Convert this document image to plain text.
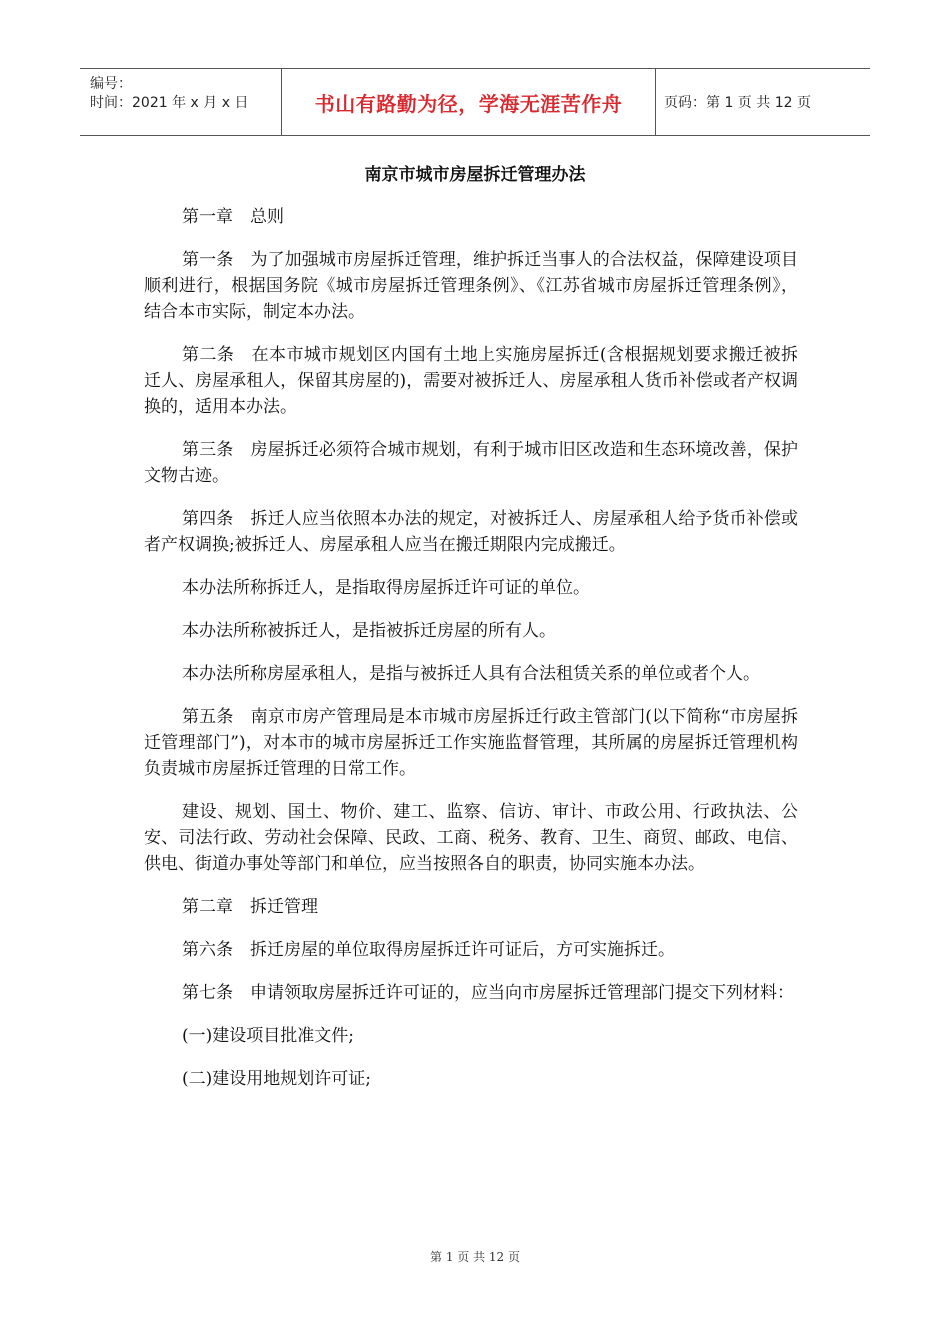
编号：
时间：2021 年 x 月 x 日	书山有路勤为径，学海无涯苦作舟	页码：第 1 页 共 12 页
南京市城市房屋拆迁管理办法

第一章　总则

第一条　为了加强城市房屋拆迁管理，维护拆迁当事人的合法权益，保障建设项目顺利进行，根据国务院《城市房屋拆迁管理条例》、《江苏省城市房屋拆迁管理条例》，结合本市实际，制定本办法。

第二条　在本市城市规划区内国有土地上实施房屋拆迁(含根据规划要求搬迁被拆迁人、房屋承租人，保留其房屋的)，需要对被拆迁人、房屋承租人货币补偿或者产权调换的，适用本办法。

第三条　房屋拆迁必须符合城市规划，有利于城市旧区改造和生态环境改善，保护文物古迹。

第四条　拆迁人应当依照本办法的规定，对被拆迁人、房屋承租人给予货币补偿或者产权调换;被拆迁人、房屋承租人应当在搬迁期限内完成搬迁。

本办法所称拆迁人，是指取得房屋拆迁许可证的单位。

本办法所称被拆迁人，是指被拆迁房屋的所有人。

本办法所称房屋承租人，是指与被拆迁人具有合法租赁关系的单位或者个人。

第五条　南京市房产管理局是本市城市房屋拆迁行政主管部门(以下简称“市房屋拆迁管理部门”)，对本市的城市房屋拆迁工作实施监督管理，其所属的房屋拆迁管理机构负责城市房屋拆迁管理的日常工作。

建设、规划、国土、物价、建工、监察、信访、审计、市政公用、行政执法、公安、司法行政、劳动社会保障、民政、工商、税务、教育、卫生、商贸、邮政、电信、供电、街道办事处等部门和单位，应当按照各自的职责，协同实施本办法。

第二章　拆迁管理

第六条　拆迁房屋的单位取得房屋拆迁许可证后，方可实施拆迁。

第七条　申请领取房屋拆迁许可证的，应当向市房屋拆迁管理部门提交下列材料：

(一)建设项目批准文件;

(二)建设用地规划许可证;

第 1 页 共 12 页
